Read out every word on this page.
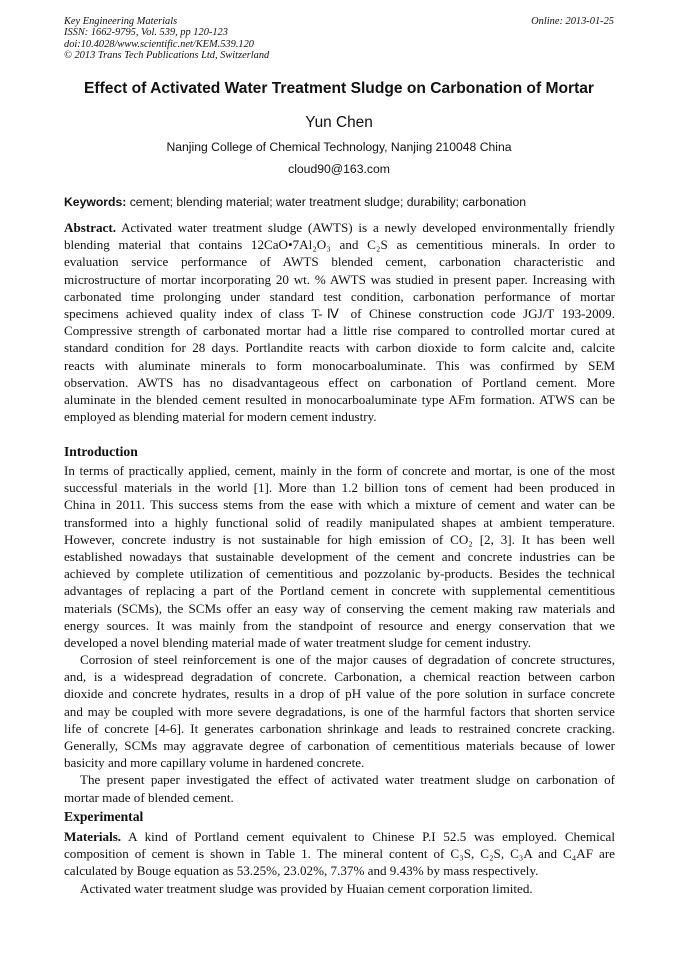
Key Engineering Materials
ISSN: 1662-9795, Vol. 539, pp 120-123
doi:10.4028/www.scientific.net/KEM.539.120
© 2013 Trans Tech Publications Ltd, Switzerland
Online: 2013-01-25
Effect of Activated Water Treatment Sludge on Carbonation of Mortar
Yun Chen
Nanjing College of Chemical Technology, Nanjing 210048 China
cloud90@163.com
Keywords: cement; blending material; water treatment sludge; durability; carbonation
Abstract. Activated water treatment sludge (AWTS) is a newly developed environmentally friendly
blending material that contains 12CaO•7Al₂O₃ and C₂S as cementitious minerals. In order to
evaluation service performance of AWTS blended cement, carbonation characteristic and
microstructure of mortar incorporating 20 wt. % AWTS was studied in present paper. Increasing with
carbonated time prolonging under standard test condition, carbonation performance of mortar
specimens achieved quality index of class T-Ⅳ of Chinese construction code JGJ/T 193-2009.
Compressive strength of carbonated mortar had a little rise compared to controlled mortar cured at
standard condition for 28 days. Portlandite reacts with carbon dioxide to form calcite and, calcite
reacts with aluminate minerals to form monocarboaluminate. This was confirmed by SEM
observation. AWTS has no disadvantageous effect on carbonation of Portland cement. More
aluminate in the blended cement resulted in monocarboaluminate type AFm formation. ATWS can be
employed as blending material for modern cement industry.
Introduction
In terms of practically applied, cement, mainly in the form of concrete and mortar, is one of the most
successful materials in the world [1]. More than 1.2 billion tons of cement had been produced in
China in 2011. This success stems from the ease with which a mixture of cement and water can be
transformed into a highly functional solid of readily manipulated shapes at ambient temperature.
However, concrete industry is not sustainable for high emission of CO₂ [2, 3]. It has been well
established nowadays that sustainable development of the cement and concrete industries can be
achieved by complete utilization of cementitious and pozzolanic by-products. Besides the technical
advantages of replacing a part of the Portland cement in concrete with supplemental cementitious
materials (SCMs), the SCMs offer an easy way of conserving the cement making raw materials and
energy sources. It was mainly from the standpoint of resource and energy conservation that we
developed a novel blending material made of water treatment sludge for cement industry.
Corrosion of steel reinforcement is one of the major causes of degradation of concrete structures,
and, is a widespread degradation of concrete. Carbonation, a chemical reaction between carbon
dioxide and concrete hydrates, results in a drop of pH value of the pore solution in surface concrete
and may be coupled with more severe degradations, is one of the harmful factors that shorten service
life of concrete [4-6]. It generates carbonation shrinkage and leads to restrained concrete cracking.
Generally, SCMs may aggravate degree of carbonation of cementitious materials because of lower
basicity and more capillary volume in hardened concrete.
The present paper investigated the effect of activated water treatment sludge on carbonation of
mortar made of blended cement.
Experimental
Materials. A kind of Portland cement equivalent to Chinese P.I 52.5 was employed. Chemical
composition of cement is shown in Table 1. The mineral content of C₃S, C₂S, C₃A and C₄AF are
calculated by Bouge equation as 53.25%, 23.02%, 7.37% and 9.43% by mass respectively.
Activated water treatment sludge was provided by Huaian cement corporation limited.
